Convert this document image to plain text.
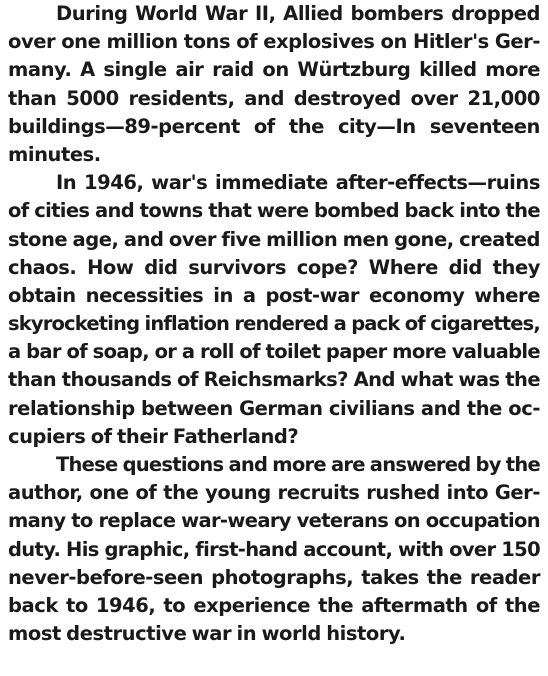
During World War II, Allied bombers dropped
over one million tons of explosives on Hitler's Ger-
many. A single air raid on Würtzburg killed more
than 5000 residents, and destroyed over 21,000
buildings—89-percent of the city—In seventeen
minutes.
In 1946, war's immediate after-effects—ruins
of cities and towns that were bombed back into the
stone age, and over five million men gone, created
chaos. How did survivors cope? Where did they
obtain necessities in a post-war economy where
skyrocketing inflation rendered a pack of cigarettes,
a bar of soap, or a roll of toilet paper more valuable
than thousands of Reichsmarks? And what was the
relationship between German civilians and the oc-
cupiers of their Fatherland?
These questions and more are answered by the
author, one of the young recruits rushed into Ger-
many to replace war-weary veterans on occupation
duty. His graphic, first-hand account, with over 150
never-before-seen photographs, takes the reader
back to 1946, to experience the aftermath of the
most destructive war in world history.
